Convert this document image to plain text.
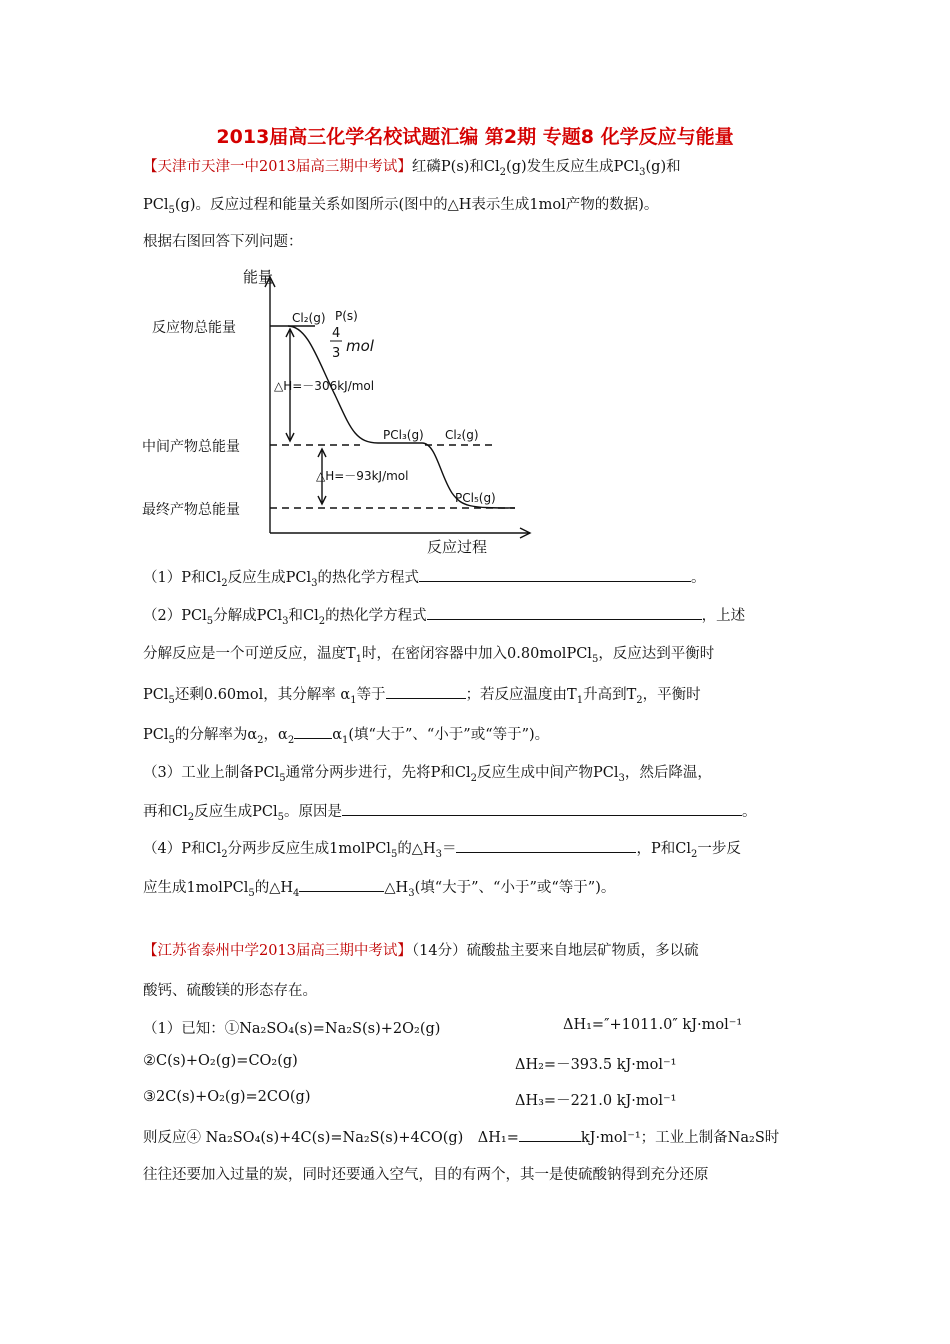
2013届高三化学名校试题汇编 第2期 专题8 化学反应与能量
【天津市天津一中2013届高三期中考试】红磷P(s)和$Cl_2(g)$发生反应生成PCl$_3$(g)和
PCl$_5$(g)。反应过程和能量关系如图所示(图中的△H表示生成1mol产物的数据)。
根据右图回答下列问题：
能量
反应过程
反应物总能量
中间产物总能量
最终产物总能量
Cl₂(g) P(s)
4
3 mol
△H=－306kJ/mol
PCl₃(g) Cl₂(g)
△H=－93kJ/mol
PCl₅(g)
（1）P和$Cl_2$反应生成PCl$_3$的热化学方程式	。
（2）PCl$_5$分解成PCl$_3$和$Cl_2$的热化学方程式	，上述
分解反应是一个可逆反应，温度$T_1$时，在密闭容器中加入0.80molPCl$_5$，反应达到平衡时
PCl$_5$还剩0.60mol，其分解率 $\alpha_1$等于	；若反应温度由$T_1$升高到$T_2$，平衡时
PCl$_5$的分解率为$\alpha_2$，$\alpha_2$	$\alpha_1$(填“大于”、“小于”或“等于”)。
（3）工业上制备PCl$_5$通常分两步进行，先将P和$Cl_2$反应生成中间产物PCl$_3$，然后降温，
再和$Cl_2$反应生成PCl$_5$。原因是	。
（4）P和$Cl_2$分两步反应生成1molPCl$_5$的$\triangle H_3=$	，P和$Cl_2$一步反
应生成1molPCl$_5$的$\triangle H_4$	$\triangle H_3$(填“大于”、“小于”或“等于”)。
【江苏省泰州中学2013届高三期中考试】（14分）硫酸盐主要来自地层矿物质，多以硫
酸钙、硫酸镁的形态存在。
（1）已知：①Na₂SO₄(s)=Na₂S(s)+2O₂(g)	ΔH₁=″+1011.0″ kJ·mol⁻¹
②C(s)+O₂(g)=CO₂(g)	ΔH₂=－393.5 kJ·mol⁻¹
③2C(s)+O₂(g)=2CO(g)	ΔH₃=－221.0 kJ·mol⁻¹
则反应④ Na₂SO₄(s)+4C(s)=Na₂S(s)+4CO(g)　ΔH₁=	kJ·mol⁻¹；工业上制备Na₂S时
往往还要加入过量的炭，同时还要通入空气，目的有两个，其一是使硫酸钠得到充分还原
